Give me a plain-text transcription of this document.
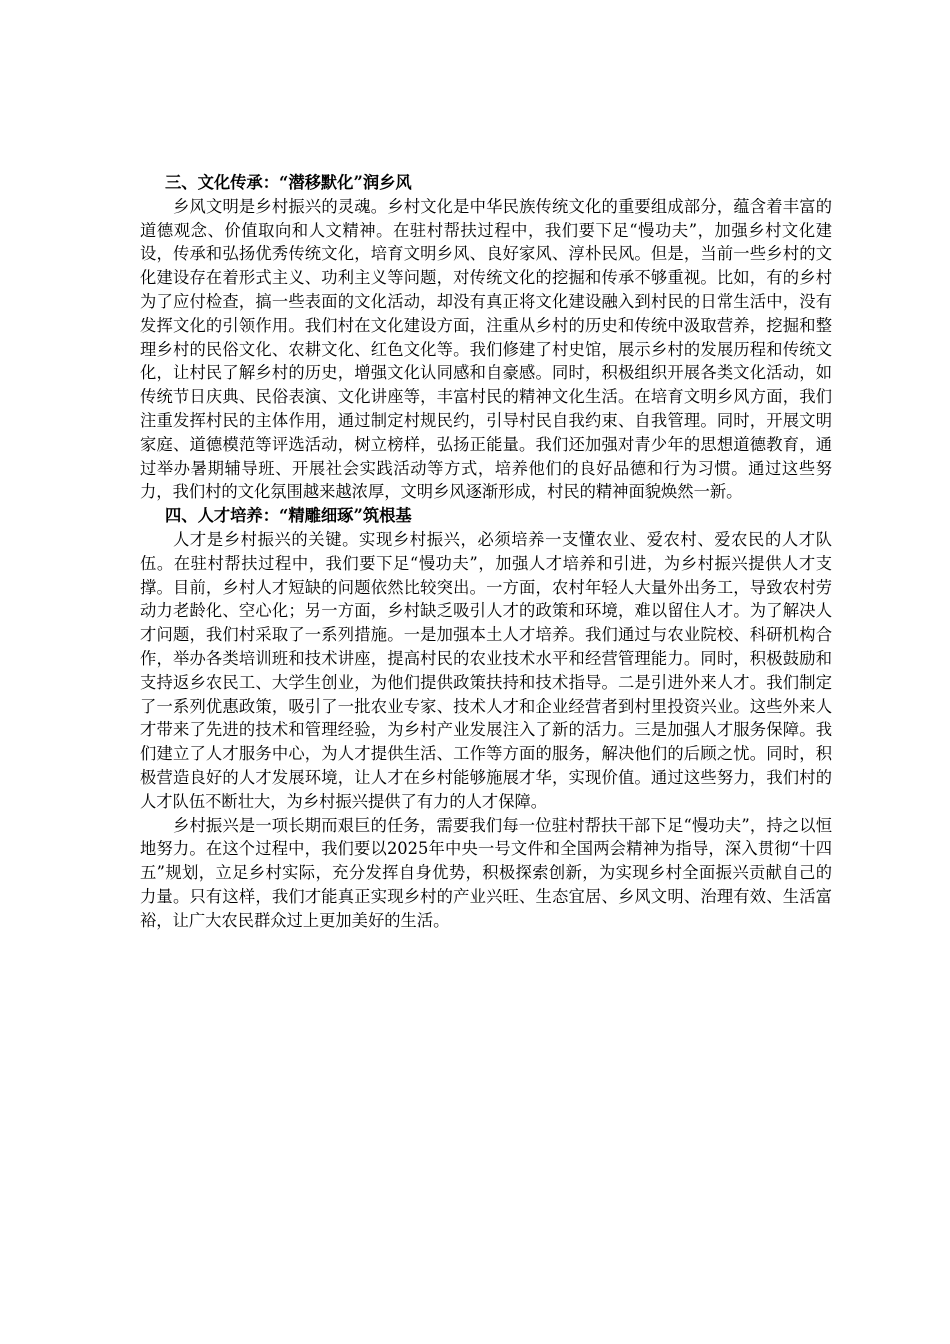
三、文化传承：“潜移默化”润乡风

乡风文明是乡村振兴的灵魂。乡村文化是中华民族传统文化的重要组成部分，蕴含着丰富的道德观念、价值取向和人文精神。在驻村帮扶过程中，我们要下足“慢功夫”，加强乡村文化建设，传承和弘扬优秀传统文化，培育文明乡风、良好家风、淳朴民风。但是，当前一些乡村的文化建设存在着形式主义、功利主义等问题，对传统文化的挖掘和传承不够重视。比如，有的乡村为了应付检查，搞一些表面的文化活动，却没有真正将文化建设融入到村民的日常生活中，没有发挥文化的引领作用。我们村在文化建设方面，注重从乡村的历史和传统中汲取营养，挖掘和整理乡村的民俗文化、农耕文化、红色文化等。我们修建了村史馆，展示乡村的发展历程和传统文化，让村民了解乡村的历史，增强文化认同感和自豪感。同时，积极组织开展各类文化活动，如传统节日庆典、民俗表演、文化讲座等，丰富村民的精神文化生活。在培育文明乡风方面，我们注重发挥村民的主体作用，通过制定村规民约，引导村民自我约束、自我管理。同时，开展文明家庭、道德模范等评选活动，树立榜样，弘扬正能量。我们还加强对青少年的思想道德教育，通过举办暑期辅导班、开展社会实践活动等方式，培养他们的良好品德和行为习惯。通过这些努力，我们村的文化氛围越来越浓厚，文明乡风逐渐形成，村民的精神面貌焕然一新。

四、人才培养：“精雕细琢”筑根基

人才是乡村振兴的关键。实现乡村振兴，必须培养一支懂农业、爱农村、爱农民的人才队伍。在驻村帮扶过程中，我们要下足“慢功夫”，加强人才培养和引进，为乡村振兴提供人才支撑。目前，乡村人才短缺的问题依然比较突出。一方面，农村年轻人大量外出务工，导致农村劳动力老龄化、空心化；另一方面，乡村缺乏吸引人才的政策和环境，难以留住人才。为了解决人才问题，我们村采取了一系列措施。一是加强本土人才培养。我们通过与农业院校、科研机构合作，举办各类培训班和技术讲座，提高村民的农业技术水平和经营管理能力。同时，积极鼓励和支持返乡农民工、大学生创业，为他们提供政策扶持和技术指导。二是引进外来人才。我们制定了一系列优惠政策，吸引了一批农业专家、技术人才和企业经营者到村里投资兴业。这些外来人才带来了先进的技术和管理经验，为乡村产业发展注入了新的活力。三是加强人才服务保障。我们建立了人才服务中心，为人才提供生活、工作等方面的服务，解决他们的后顾之忧。同时，积极营造良好的人才发展环境，让人才在乡村能够施展才华，实现价值。通过这些努力，我们村的人才队伍不断壮大，为乡村振兴提供了有力的人才保障。

乡村振兴是一项长期而艰巨的任务，需要我们每一位驻村帮扶干部下足“慢功夫”，持之以恒地努力。在这个过程中，我们要以2025年中央一号文件和全国两会精神为指导，深入贯彻“十四五”规划，立足乡村实际，充分发挥自身优势，积极探索创新，为实现乡村全面振兴贡献自己的力量。只有这样，我们才能真正实现乡村的产业兴旺、生态宜居、乡风文明、治理有效、生活富裕，让广大农民群众过上更加美好的生活。
